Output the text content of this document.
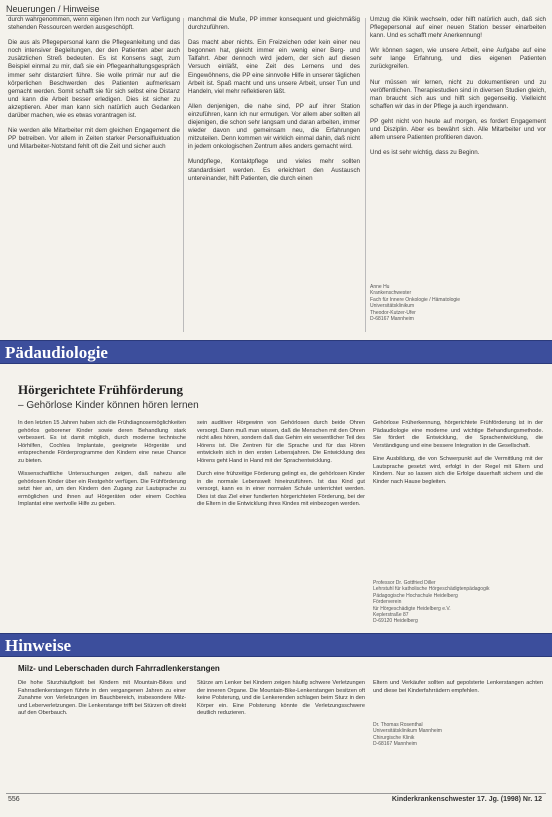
Neuerungen / Hinweise

durch wahrgenommen, wenn eigenen Ihm noch zur Verfügung stehenden Ressourcen werden ausgeschöpft.

Die aus als Pflegepersonal kann die Pflegeanleitung und das noch intensiver Begleitungen, der den Patienten aber auch zusätzlichen Streß bedeuten. Es ist Konsens sagt, zum Beispiel einmal zu mir, daß sie ein Pflegeanhaltungsgespräch immer sehr distanziert führe. Sie wolle primär nur auf die körperlichen Beschwerden des Patienten aufmerksam gemacht werden. Somit schafft sie für sich selbst eine Distanz und kann die Arbeit besser erledigen. Dies ist sicher zu akzeptieren. Aber man kann sich natürlich auch Gedanken darüber machen, wie es etwas vorantragen ist.

Nie werden alle Mitarbeiter mit dem gleichen Engagement die PP betreiben. Vor allem in Zeiten starker Personalfluktuation und Mitarbeiter-Notstand fehlt oft die Zeit und sicher auch

manchmal die Muße, PP immer konsequent und gleichmäßig durchzuführen.

Das macht aber nichts. Ein Freizeichen oder kein einer neu begonnen hat, gleicht immer ein wenig einer Berg- und Talfahrt. Aber dennoch wird jedem, der sich auf diesen Versuch einläßt, eine Zeit des Lernens und des Eingewöhnens, die PP eine sinnvolle Hilfe in unserer täglichen Arbeit ist. Spaß macht und uns unsere Arbeit, unser Tun und Handeln, viel mehr reflektieren läßt.

Allen denjenigen, die nahe sind, PP auf ihrer Station einzuführen, kann ich nur ermutigen. Vor allem aber sollten all diejenigen, die schon sehr langsam und daran arbeiten, immer wieder davon und gemeinsam neu, die Erfahrungen mitzuteilen. Denn kommen wir wirklich einmal dahin, daß nicht in jedem onkologischen Zentrum alles anders gemacht wird.

Mundpflege, Kontaktpflege und vieles mehr sollten standardisiert werden. Es erleichtert den Austausch untereinander, hilft Patienten, die durch einen

Umzug die Klinik wechseln, oder hilft natürlich auch, daß sich Pflegepersonal auf einer neuen Station besser einarbeiten kann. Und es schafft mehr Anerkennung!

Wir können sagen, wie unsere Arbeit, eine Aufgabe auf eine sehr lange Erfahrung, und dies eigenen Patienten zurückgreifen.

Nur müssen wir lernen, nicht zu dokumentieren und zu veröffentlichen. Therapiestudien sind in diversen Studien gleich, man braucht sich aus und hilft sich gegenseitig. Vielleicht schaffen wir das in der Pflege ja auch irgendwann.

PP geht nicht von heute auf morgen, es fordert Engagement und Disziplin. Aber es bewährt sich. Alle Mitarbeiter und vor allem unsere Patienten profitieren davon.

Und es ist sehr wichtig, dass zu Beginn.

Anne Hu
Krankenschwester
Fach für Innere Onkologie / Hämatologie
Universitätsklinikum
Theodor-Kutzer-Ufer
D-68167 Mannheim
Pädaudiologie
Hörgerichtete Frühförderung
– Gehörlose Kinder können hören lernen

In den letzten 15 Jahren haben sich die Frühdiagnosemöglichkeiten gehörlos geborener Kinder sowie deren Behandlung stark verbessert. Es ist damit möglich, durch moderne technische Hörhilfen, Cochlea Implantate, geeignete Hörgeräte und entsprechende Förderprogramme den Kindern eine neue Chance zu bieten.

Wissenschaftliche Untersuchungen zeigen, daß nahezu alle gehörlosen Kinder über ein Restgehör verfügen. Die Frühförderung setzt hier an, um den Kindern den Zugang zur Lautsprache zu ermöglichen und ihnen auf Hörgeräten oder einem Cochlea Implantat eine wertvolle Hilfe zu geben.

sein auditiver Hörgewinn von Gehörlosen durch beide Ohren versorgt. Dann muß man wissen, daß die Menschen mit den Ohren nicht alles hören, sondern daß das Gehirn ein wesentlicher Teil des Hörens ist. Die Zentren für die Sprache und für das Hören entwickeln sich in den ersten Lebensjahren. Die Entwicklung des Hörens geht Hand in Hand mit der Sprachentwicklung.

Durch eine frühzeitige Förderung gelingt es, die gehörlosen Kinder in die normale Lebenswelt hineinzuführen. Ist das Kind gut versorgt, kann es in einer normalen Schule unterrichtet werden. Dies ist das Ziel einer fundierten hörgerichteten Förderung, bei der die Eltern in die Entwicklung ihres Kindes mit einbezogen werden.

Gehörlose Früherkennung, hörgerichtete Frühförderung ist in der Pädaudiologie eine moderne und wichtige Behandlungsmethode. Sie fördert die Entwicklung, die Sprachentwicklung, die Verständigung und eine bessere Integration in die Gesellschaft.

Eine Ausbildung, die von Schwerpunkt auf die Vermittlung mit der Lautsprache gesetzt wird, erfolgt in der Regel mit Eltern und Kindern. Nur so lassen sich die Erfolge dauerhaft sichern und die Kinder nach Hause begleiten.

Professor Dr. Gottfried Diller
Lehrstuhl für katholische Hörgeschädigtenpädagogik
Pädagogische Hochschule Heidelberg
Förderverein
für Hörgeschädigte Heidelberg e.V.
Keplerstraße 87
D-69120 Heidelberg
Hinweise
Milz- und Leberschaden durch Fahrradlenkerstangen
Die hohe Sturzhäufigkeit bei Kindern mit Mountain-Bikes und Fahrradlenkerstangen führte in den vergangenen Jahren zu einer Zunahme von Verletzungen im Bauchbereich, insbesondere Milz- und Leberverletzungen. Die Lenkerstange trifft bei Stürzen oft direkt auf den Oberbauch.
Stürze am Lenker bei Kindern zeigen häufig schwere Verletzungen der inneren Organe. Die Mountain-Bike-Lenkerstangen besitzen oft keine Polsterung, und die Lenkerenden schlagen beim Sturz in den Körper ein. Eine Polsterung könnte die Verletzungsschwere deutlich reduzieren.
Eltern und Verkäufer sollten auf gepolsterte Lenkerstangen achten und diese bei Kinderfahrrädern empfehlen.
Dr. Thomas Rosenthal
Universitätsklinikum Mannheim
Chirurgische Klinik
D-68167 Mannheim
556	Kinderkrankenschwester 17. Jg. (1998) Nr. 12
